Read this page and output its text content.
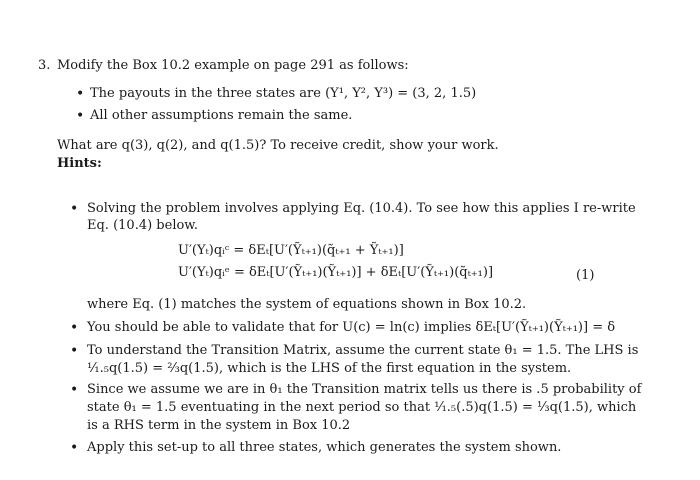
3. Modify the Box 10.2 example on page 291 as follows:
• The payouts in the three states are (Y¹, Y², Y³) = (3, 2, 1.5)
• All other assumptions remain the same.
What are q(3), q(2), and q(1.5)? To receive credit, show your work.
Hints:
• Solving the problem involves applying Eq. (10.4). To see how this applies I re-write
Eq. (10.4) below.
U′(Yₜ)qᵢᶜ = δEₜ[U′(Ỹₜ₊₁)(q̃ₜ₊₁ + Ỹₜ₊₁)]
U′(Yₜ)qᵢᵉ = δEₜ[U′(Ỹₜ₊₁)(Ỹₜ₊₁)] + δEₜ[U′(Ỹₜ₊₁)(q̃ₜ₊₁)]	(1)
where Eq. (1) matches the system of equations shown in Box 10.2.
• You should be able to validate that for U(c) = ln(c) implies δEₜ[U′(Ỹₜ₊₁)(Ỹₜ₊₁)] = δ
• To understand the Transition Matrix, assume the current state θ₁ = 1.5. The LHS is
¹⁄₁.₅q(1.5) = ²⁄₃q(1.5), which is the LHS of the first equation in the system.
• Since we assume we are in θ₁ the Transition matrix tells us there is .5 probability of
state θ₁ = 1.5 eventuating in the next period so that ¹⁄₁.₅(.5)q(1.5) = ⅓q(1.5), which
is a RHS term in the system in Box 10.2
• Apply this set-up to all three states, which generates the system shown.
